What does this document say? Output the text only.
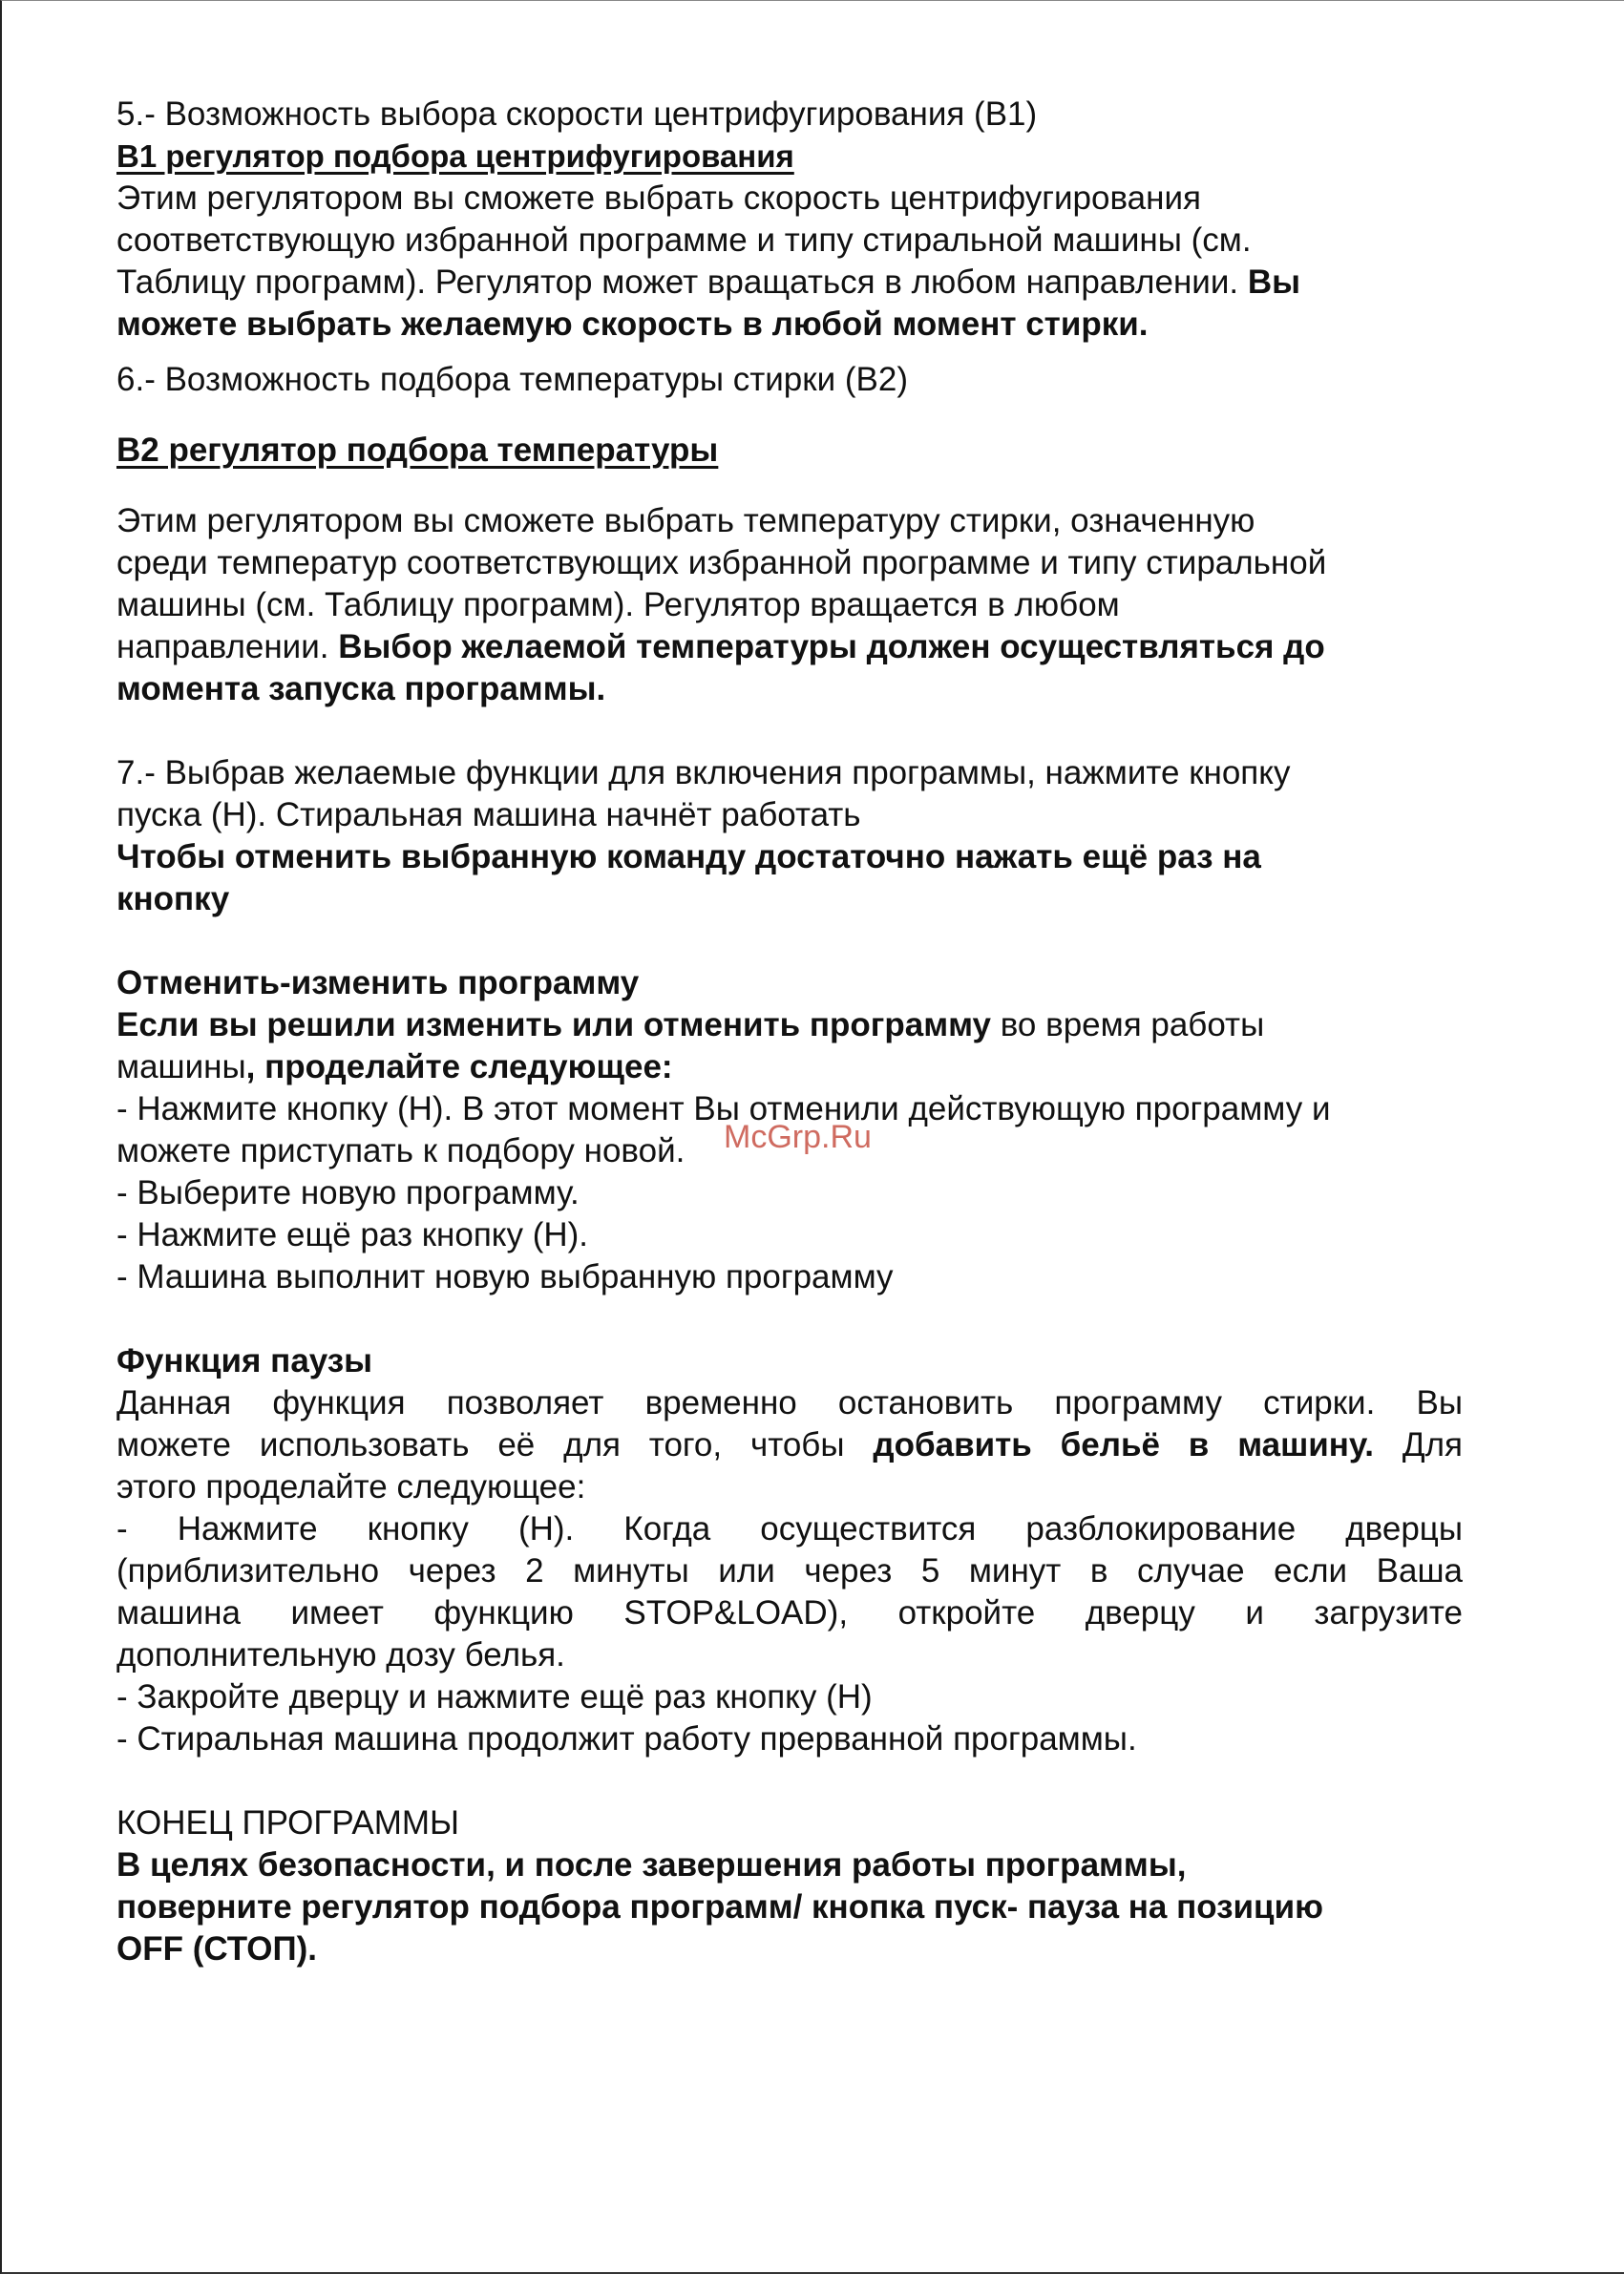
5.- Возможность выбора скорости центрифугирования (В1)

В1 регулятор подбора центрифугирования

Этим регулятором вы сможете выбрать скорость центрифугирования

соответствующую избранной программе и типу стиральной машины (см.

Таблицу программ). Регулятор может вращаться в любом направлении. Вы

можете выбрать желаемую скорость в любой момент стирки.

6.- Возможность подбора температуры стирки (В2)

В2 регулятор подбора температуры

Этим регулятором вы сможете выбрать температуру стирки, означенную

среди температур соответствующих избранной программе и типу стиральной

машины (см. Таблицу программ). Регулятор вращается в любом

направлении. Выбор желаемой температуры должен осуществляться до

момента запуска программы.

7.- Выбрав желаемые функции для включения программы, нажмите кнопку

пуска (Н). Стиральная машина начнёт работать

Чтобы отменить выбранную команду достаточно нажать ещё раз на

кнопку

Отменить-изменить программу

Если вы решили изменить или отменить программу во время работы

машины, проделайте следующее:

- Нажмите кнопку (Н). В этот момент Вы отменили действующую программу и

можете приступать к подбору новой.

- Выберите новую программу.

- Нажмите ещё раз кнопку (Н).

- Машина выполнит новую выбранную программу

Функция паузы

Данная функция позволяет временно остановить программу стирки. Вы

можете использовать её для того, чтобы добавить бельё в машину. Для

этого проделайте следующее:

- Нажмите кнопку (Н). Когда осуществится разблокирование дверцы

(приблизительно через 2 минуты или через 5 минут в случае если Ваша

машина имеет функцию STOP&LOAD), откройте дверцу и загрузите

дополнительную дозу белья.

- Закройте дверцу и нажмите ещё раз кнопку (Н)

- Стиральная машина продолжит работу прерванной программы.

КОНЕЦ ПРОГРАММЫ

В целях безопасности, и после завершения работы программы,

поверните регулятор подбора программ/ кнопка пуск- пауза на позицию

OFF (СТОП).

McGrp.Ru
